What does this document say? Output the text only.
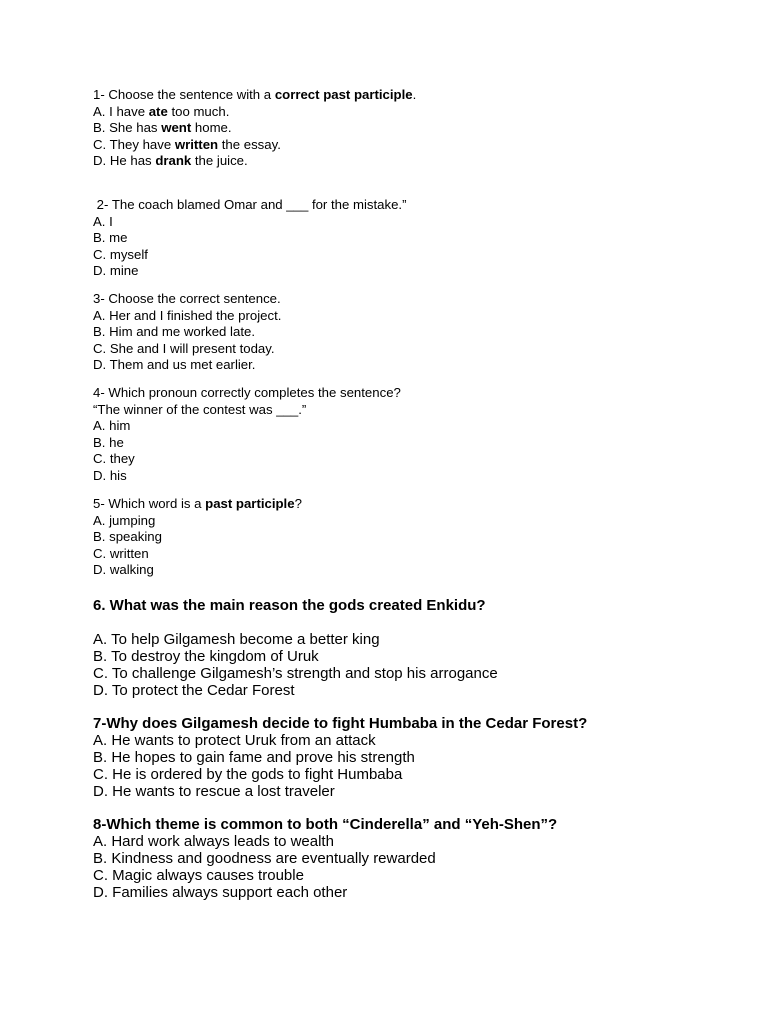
1- Choose the sentence with a correct past participle.
A. I have ate too much.
B. She has went home.
C. They have written the essay.
D. He has drank the juice.
2- The coach blamed Omar and ___ for the mistake.”
A. I
B. me
C. myself
D. mine
3- Choose the correct sentence.
A. Her and I finished the project.
B. Him and me worked late.
C. She and I will present today.
D. Them and us met earlier.
4- Which pronoun correctly completes the sentence?
“The winner of the contest was ___.”
A. him
B. he
C. they
D. his
5- Which word is a past participle?
A. jumping
B. speaking
C. written
D. walking
6. What was the main reason the gods created Enkidu?
A. To help Gilgamesh become a better king
B. To destroy the kingdom of Uruk
C. To challenge Gilgamesh’s strength and stop his arrogance
D. To protect the Cedar Forest
7-Why does Gilgamesh decide to fight Humbaba in the Cedar Forest?
A. He wants to protect Uruk from an attack
B. He hopes to gain fame and prove his strength
C. He is ordered by the gods to fight Humbaba
D. He wants to rescue a lost traveler
8-Which theme is common to both “Cinderella” and “Yeh-Shen”?
A. Hard work always leads to wealth
B. Kindness and goodness are eventually rewarded
C. Magic always causes trouble
D. Families always support each other
